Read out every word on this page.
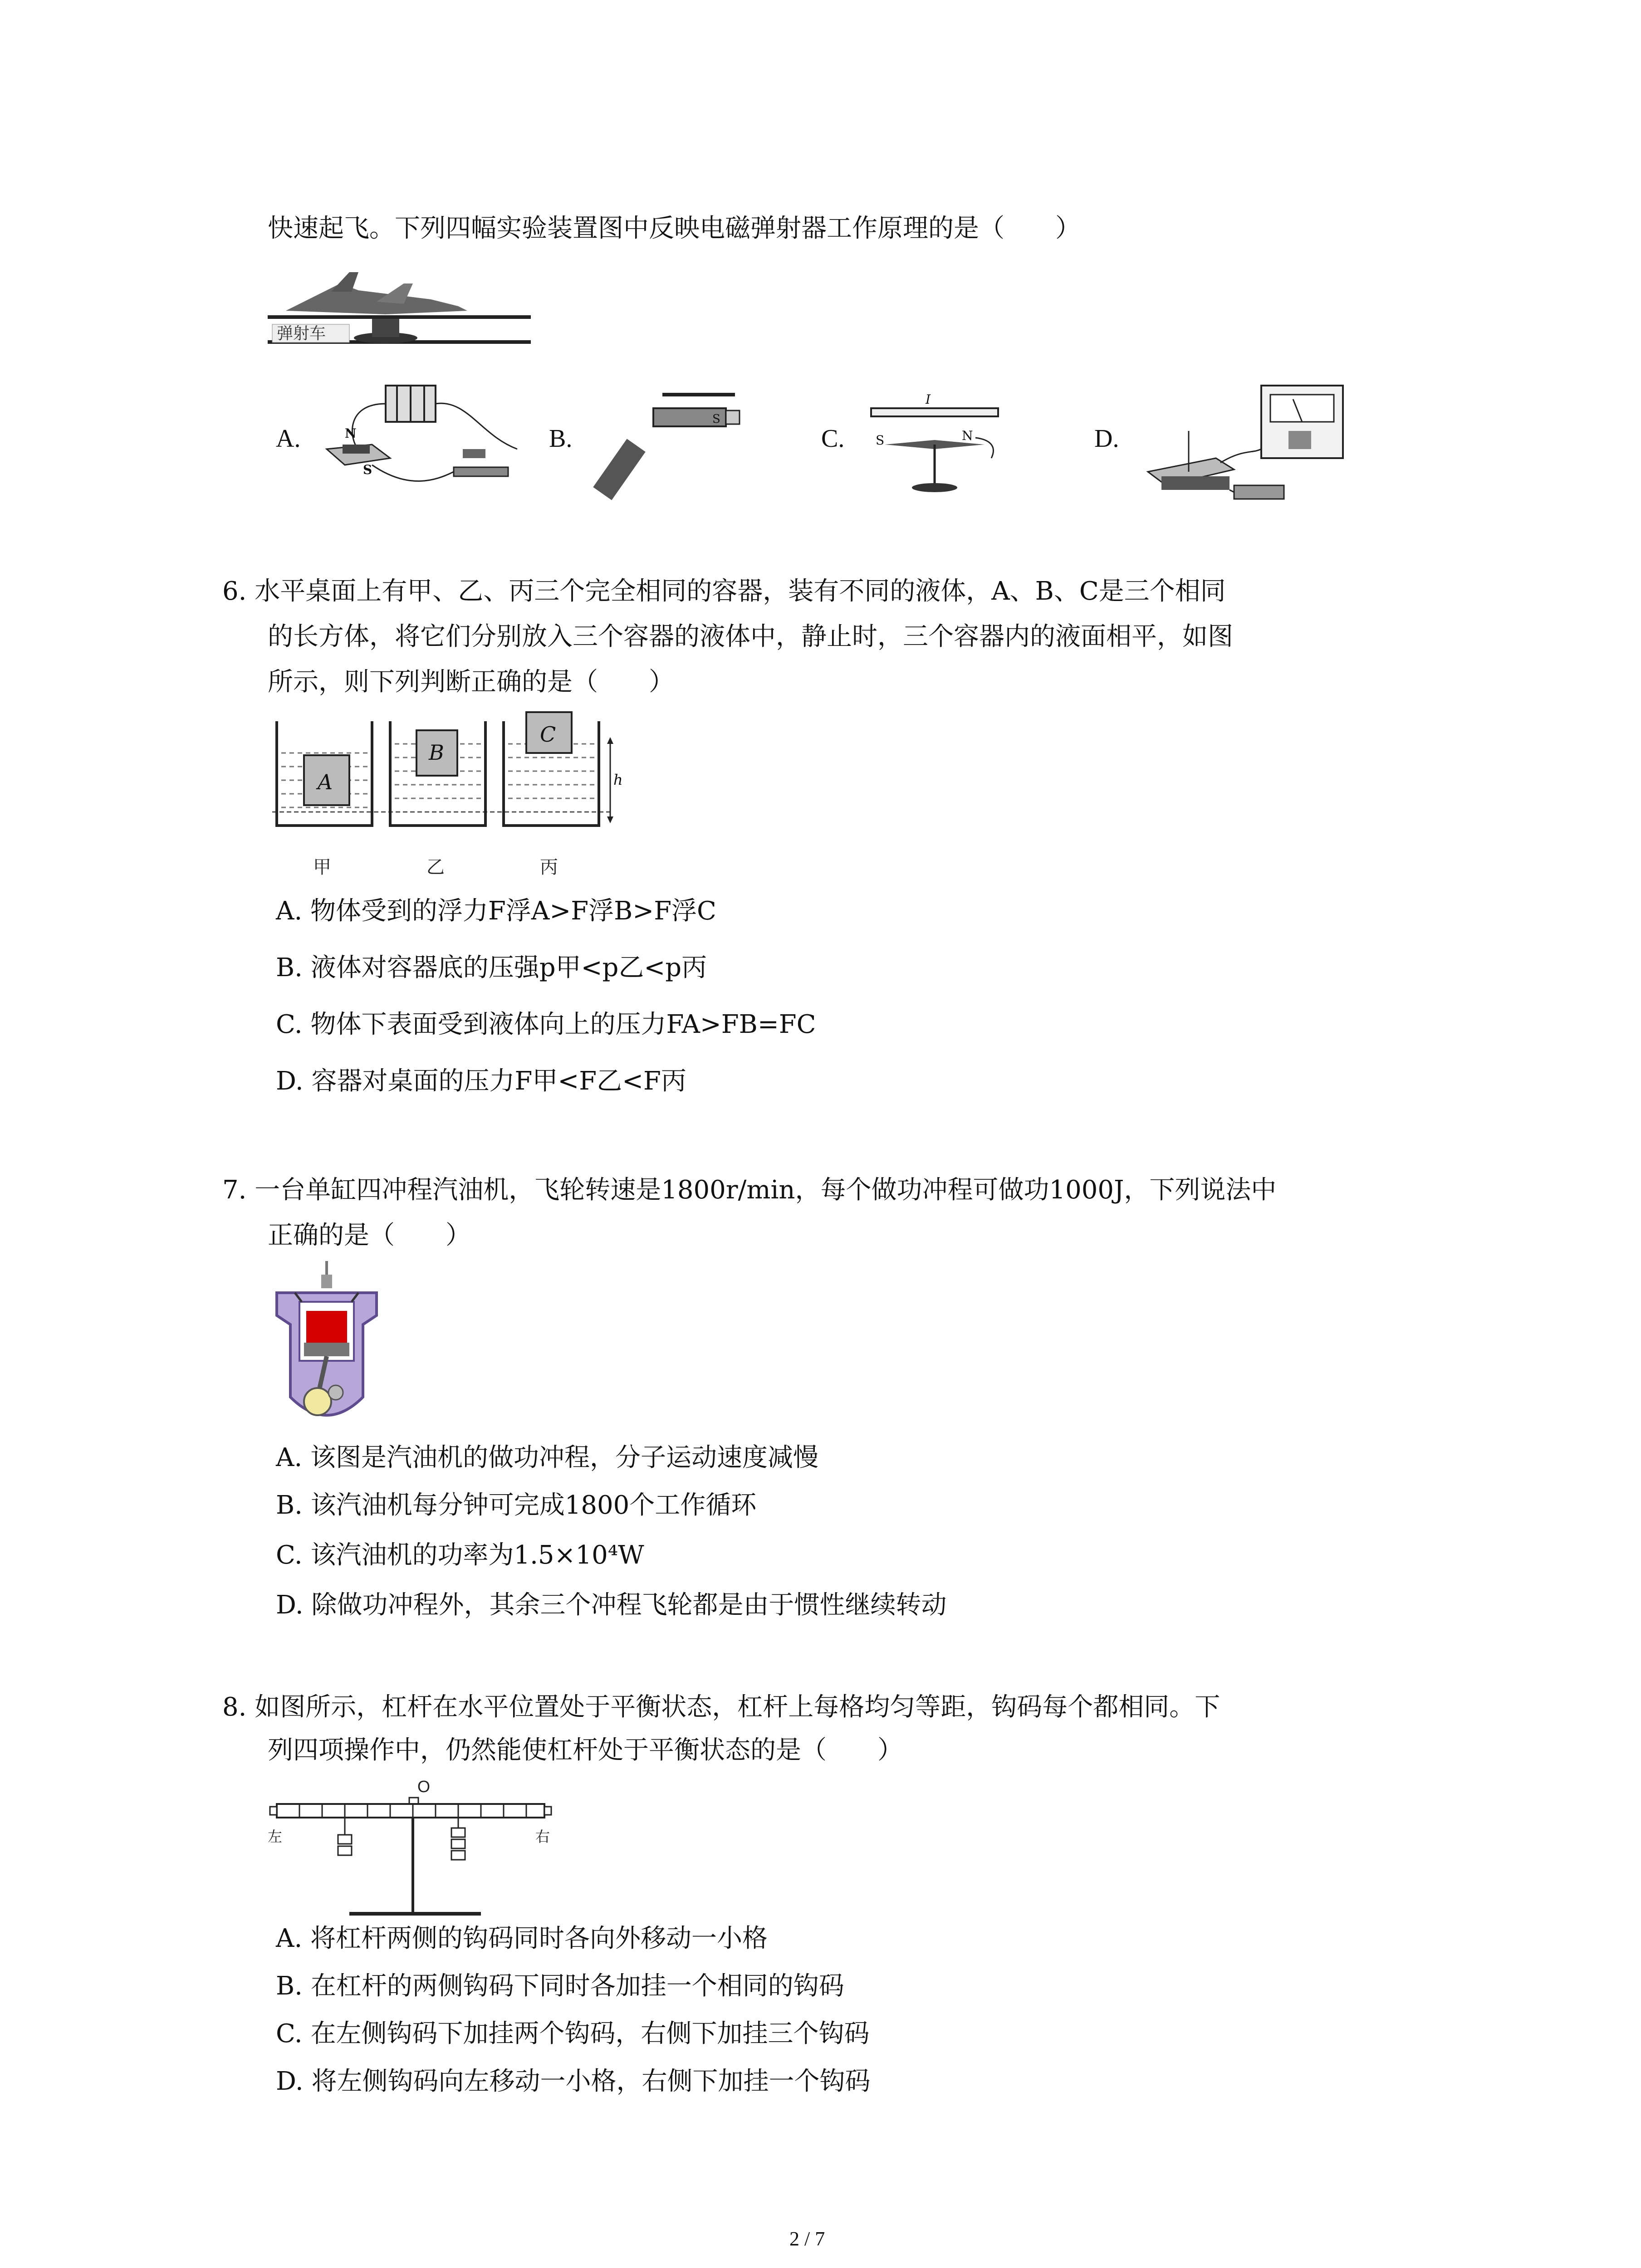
快速起飞。下列四幅实验装置图中反映电磁弹射器工作原理的是（　　）
弹射车
A.	N
S
B.
S
C.
I
S	N	D.
6. 水平桌面上有甲、乙、丙三个完全相同的容器，装有不同的液体，A、B、C是三个相同
的长方体，将它们分别放入三个容器的液体中，静止时，三个容器内的液面相平，如图
所示，则下列判断正确的是（　　）
A
B
C
h
甲	乙	丙
A. 物体受到的浮力F浮A>F浮B>F浮C
B. 液体对容器底的压强p甲<p乙<p丙
C. 物体下表面受到液体向上的压力FA>FB=FC
D. 容器对桌面的压力F甲<F乙<F丙
7. 一台单缸四冲程汽油机，飞轮转速是1800r/min，每个做功冲程可做功1000J，下列说法中
正确的是（　　）
A. 该图是汽油机的做功冲程，分子运动速度减慢
B. 该汽油机每分钟可完成1800个工作循环
C. 该汽油机的功率为1.5×10⁴W
D. 除做功冲程外，其余三个冲程飞轮都是由于惯性继续转动
8. 如图所示，杠杆在水平位置处于平衡状态，杠杆上每格均匀等距，钩码每个都相同。下
列四项操作中，仍然能使杠杆处于平衡状态的是（　　）
O
左	右
A. 将杠杆两侧的钩码同时各向外移动一小格
B. 在杠杆的两侧钩码下同时各加挂一个相同的钩码
C. 在左侧钩码下加挂两个钩码，右侧下加挂三个钩码
D. 将左侧钩码向左移动一小格，右侧下加挂一个钩码
2 / 7
